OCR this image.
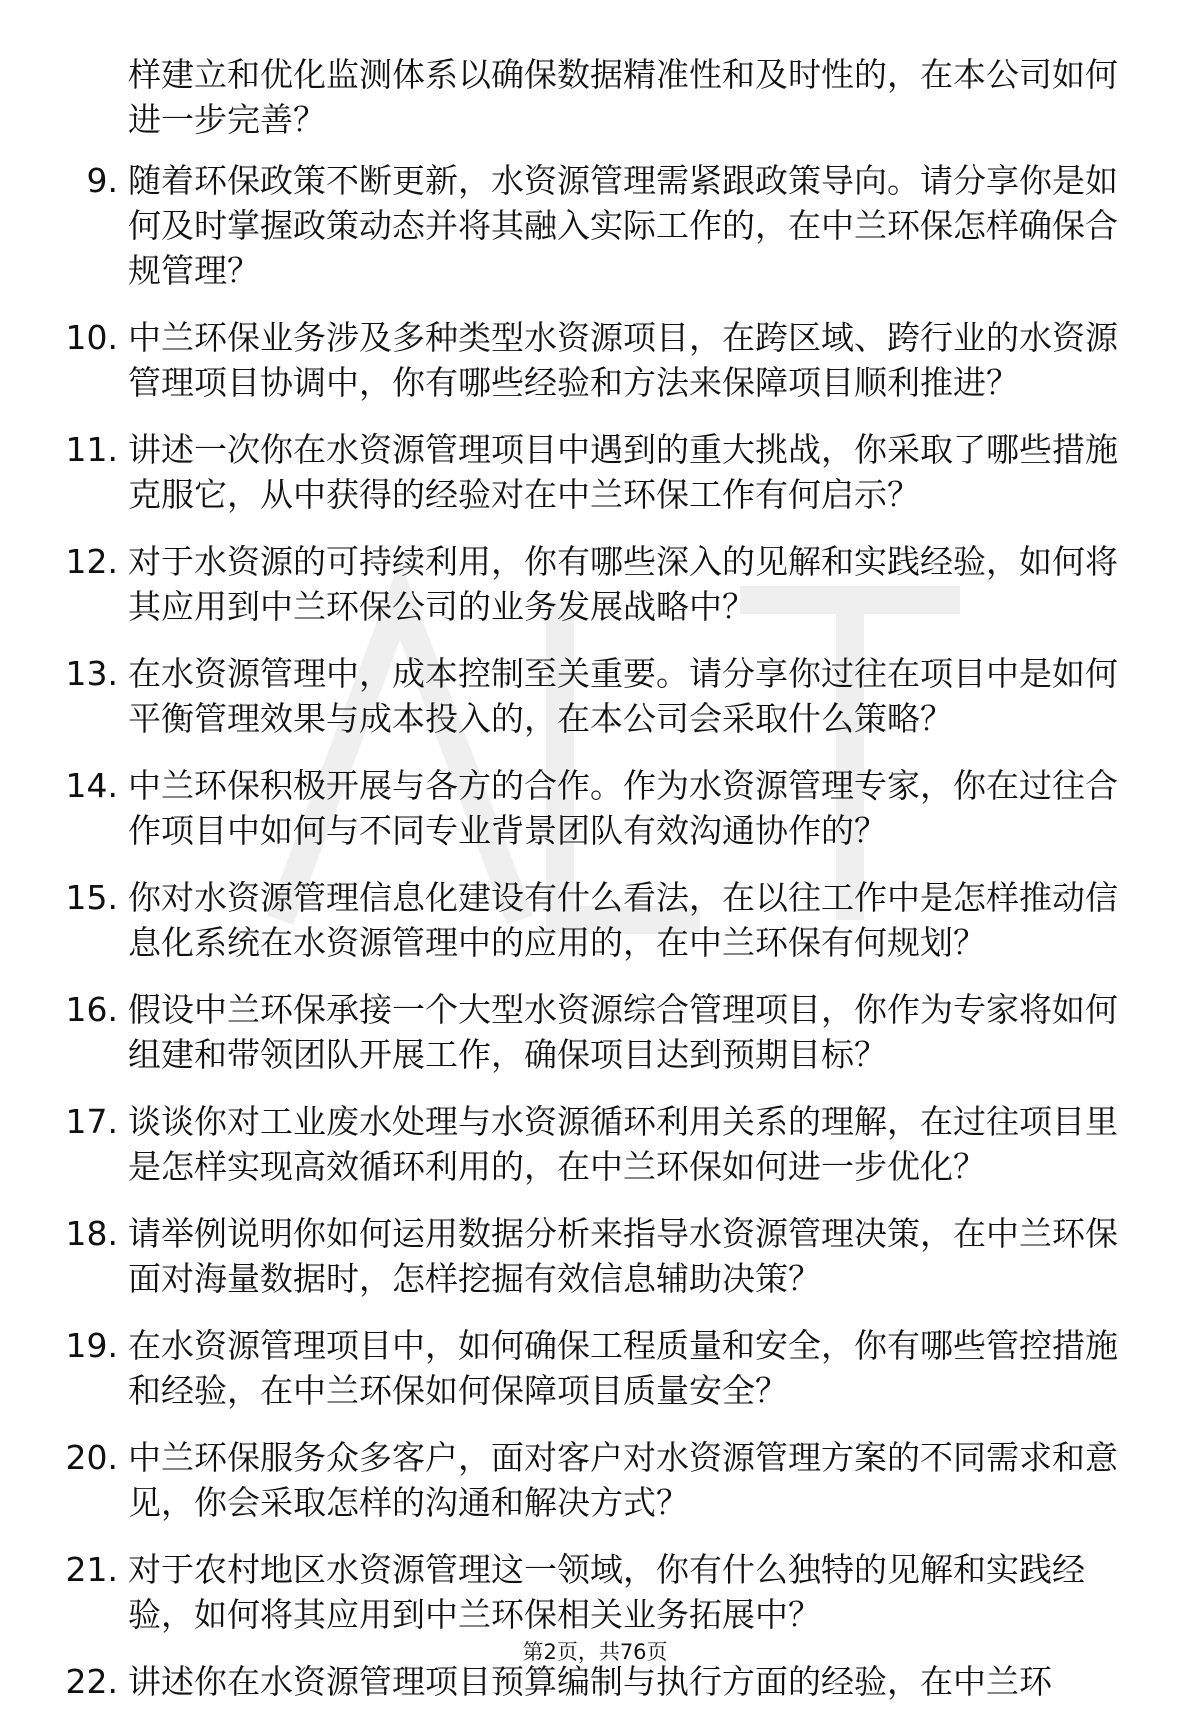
样建立和优化监测体系以确保数据精准性和及时性的，在本公司如何进一步完善？

9. 随着环保政策不断更新，水资源管理需紧跟政策导向。请分享你是如何及时掌握政策动态并将其融入实际工作的，在中兰环保怎样确保合规管理？
10. 中兰环保业务涉及多种类型水资源项目，在跨区域、跨行业的水资源管理项目协调中，你有哪些经验和方法来保障项目顺利推进？
11. 讲述一次你在水资源管理项目中遇到的重大挑战，你采取了哪些措施克服它，从中获得的经验对在中兰环保工作有何启示？
12. 对于水资源的可持续利用，你有哪些深入的见解和实践经验，如何将其应用到中兰环保公司的业务发展战略中？
13. 在水资源管理中，成本控制至关重要。请分享你过往在项目中是如何平衡管理效果与成本投入的，在本公司会采取什么策略？
14. 中兰环保积极开展与各方的合作。作为水资源管理专家，你在过往合作项目中如何与不同专业背景团队有效沟通协作的？
15. 你对水资源管理信息化建设有什么看法，在以往工作中是怎样推动信息化系统在水资源管理中的应用的，在中兰环保有何规划？
16. 假设中兰环保承接一个大型水资源综合管理项目，你作为专家将如何组建和带领团队开展工作，确保项目达到预期目标？
17. 谈谈你对工业废水处理与水资源循环利用关系的理解，在过往项目里是怎样实现高效循环利用的，在中兰环保如何进一步优化？
18. 请举例说明你如何运用数据分析来指导水资源管理决策，在中兰环保面对海量数据时，怎样挖掘有效信息辅助决策？
19. 在水资源管理项目中，如何确保工程质量和安全，你有哪些管控措施和经验，在中兰环保如何保障项目质量安全？
20. 中兰环保服务众多客户，面对客户对水资源管理方案的不同需求和意见，你会采取怎样的沟通和解决方式？
21. 对于农村地区水资源管理这一领域，你有什么独特的见解和实践经验，如何将其应用到中兰环保相关业务拓展中？
22. 讲述你在水资源管理项目预算编制与执行方面的经验，在中兰环
第2页，共76页
